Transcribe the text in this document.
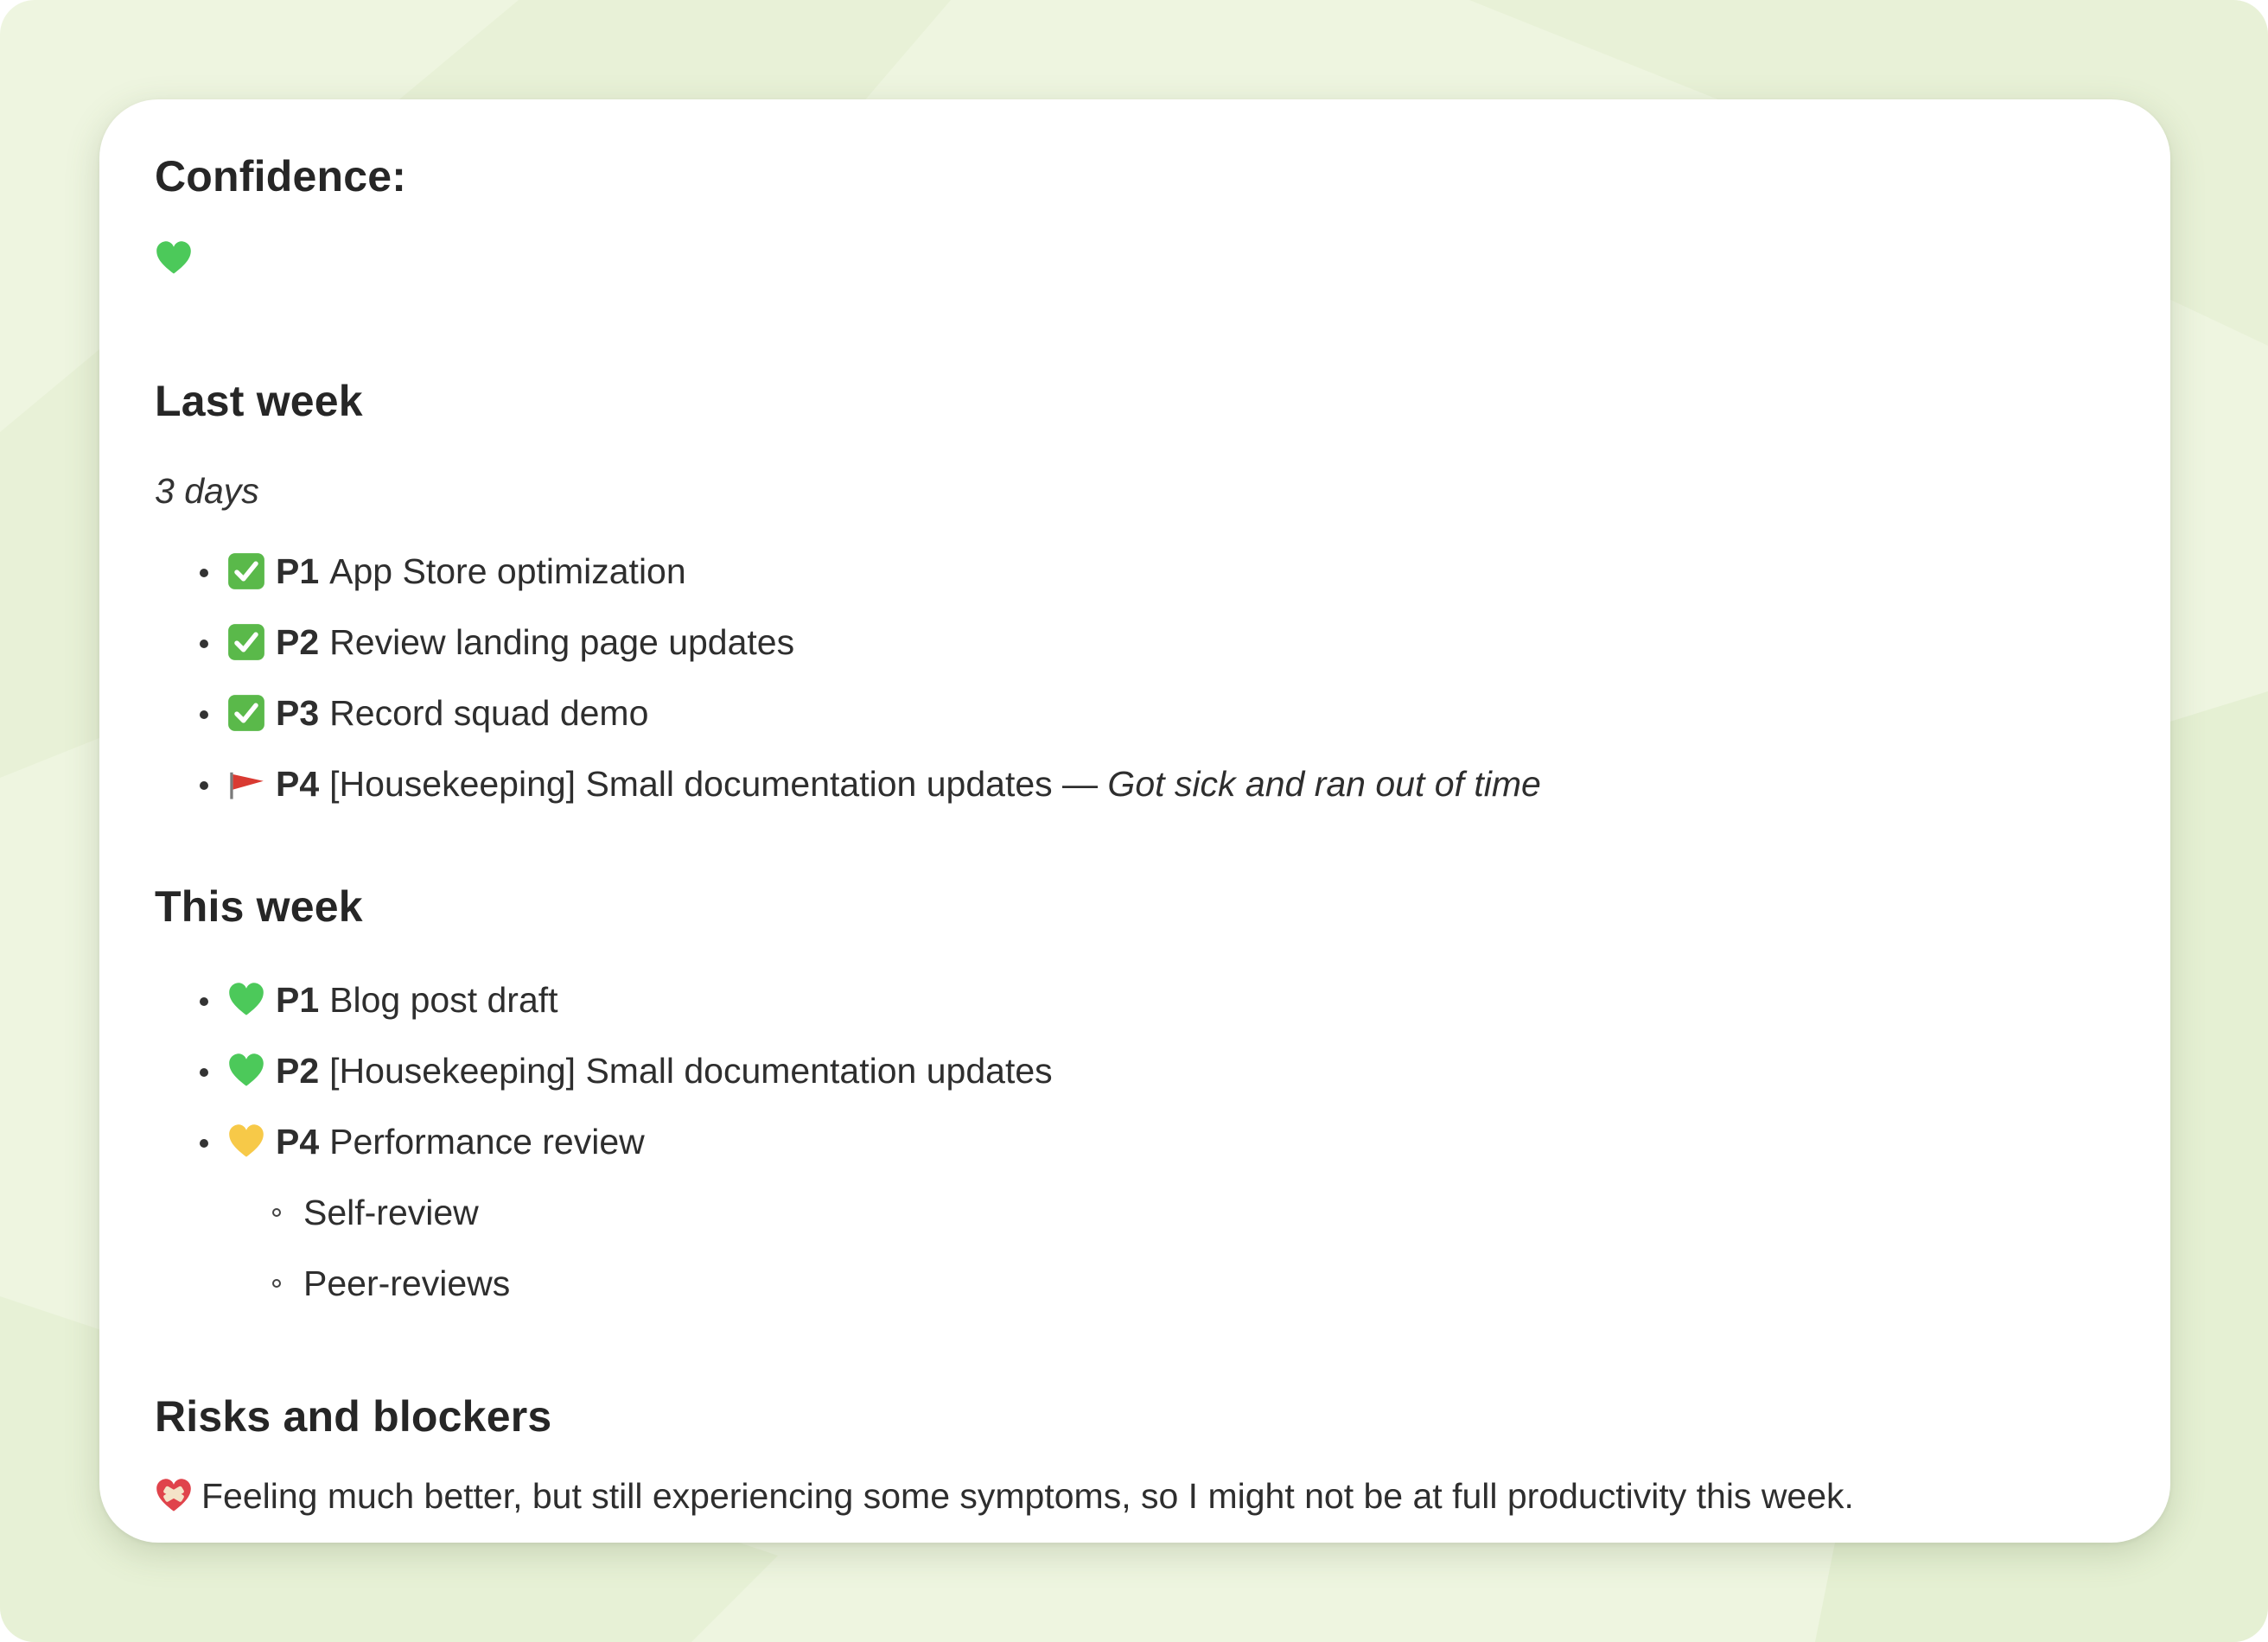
Confidence:
Last week
3 days
P1 App Store optimization
P2 Review landing page updates
P3 Record squad demo
P4 [Housekeeping] Small documentation updates — Got sick and ran out of time
This week
P1 Blog post draft
P2 [Housekeeping] Small documentation updates
P4 Performance review
Self-review
Peer-reviews
Risks and blockers
Feeling much better, but still experiencing some symptoms, so I might not be at full productivity this week.
